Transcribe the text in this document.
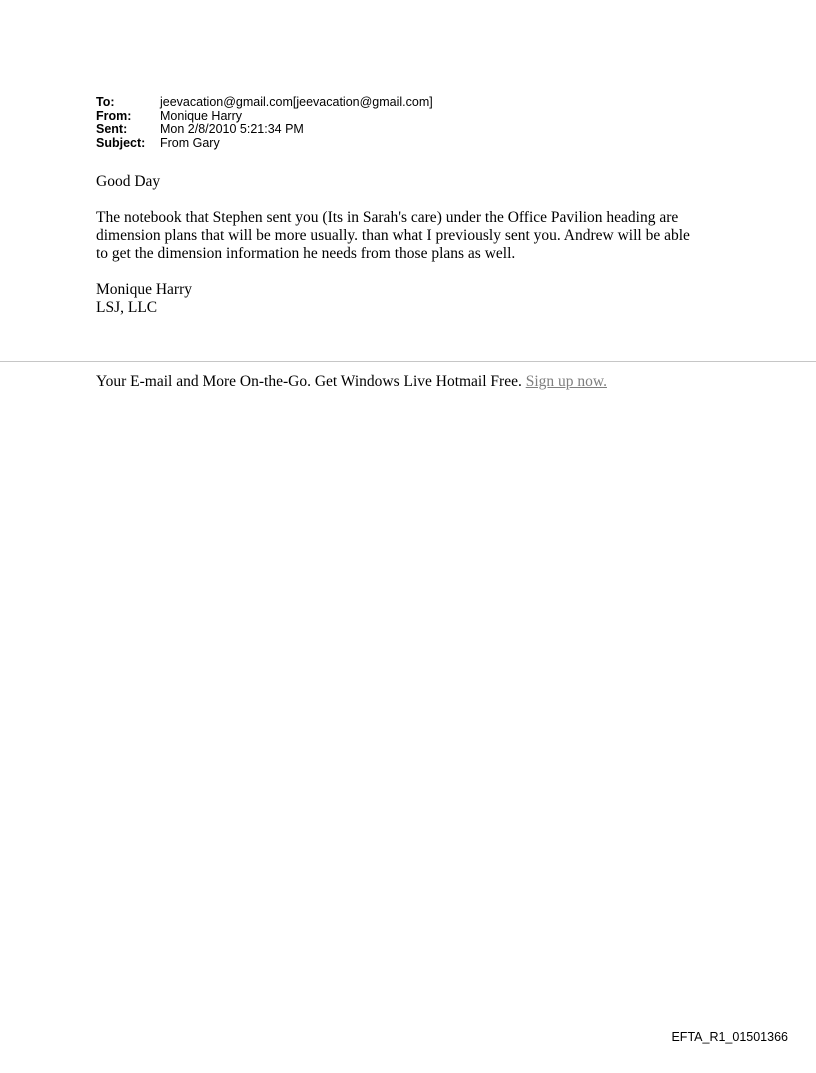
To:	jeevacation@gmail.com[jeevacation@gmail.com]
From:	Monique Harry
Sent:	Mon 2/8/2010 5:21:34 PM
Subject:	From Gary

Good Day

The notebook that Stephen sent you (Its in Sarah's care) under the Office Pavilion heading are
dimension plans that will be more usually. than what I previously sent you. Andrew will be able
to get the dimension information he needs from those plans as well.

Monique Harry
LSJ, LLC

Your E-mail and More On-the-Go. Get Windows Live Hotmail Free. Sign up now.
EFTA_R1_01501366
